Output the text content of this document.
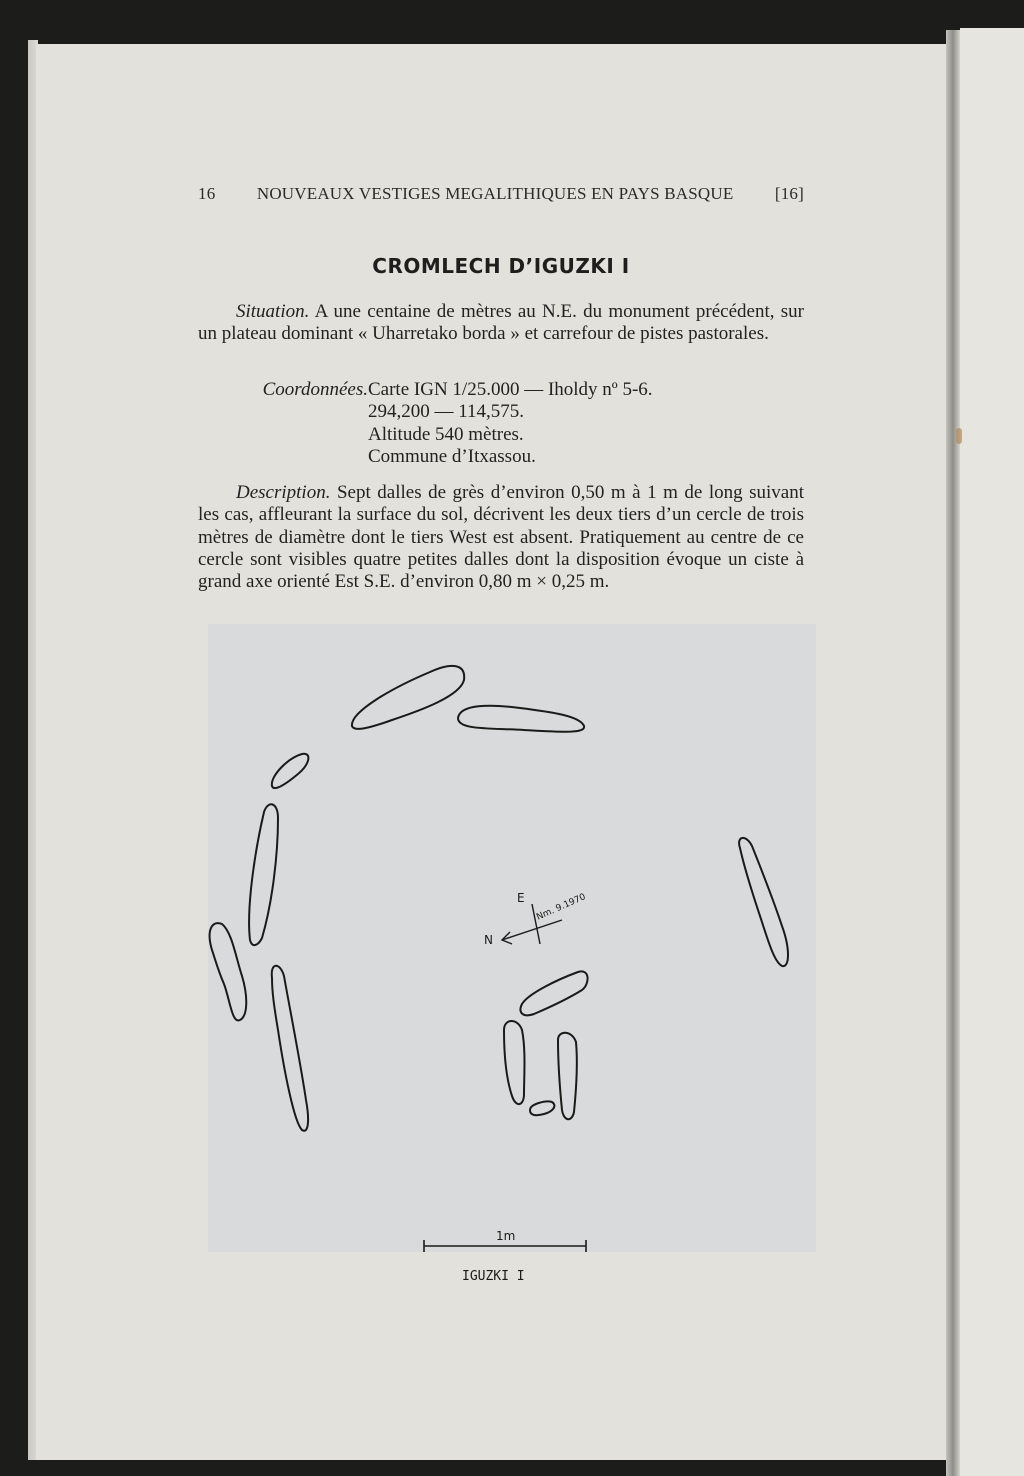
16 NOUVEAUX VESTIGES MEGALITHIQUES EN PAYS BASQUE [16]
CROMLECH D’IGUZKI I
Situation. A une centaine de mètres au N.E. du monument précédent, sur un plateau dominant « Uharretako borda » et carrefour de pistes pastorales.
Coordonnées. Carte IGN 1/25.000 — Iholdy nº 5-6.
294,200 — 114,575.
Altitude 540 mètres.
Commune d’Itxassou.
Description. Sept dalles de grès d’environ 0,50 m à 1 m de long suivant les cas, affleurant la surface du sol, décrivent les deux tiers d’un cercle de trois mètres de diamètre dont le tiers West est absent. Pratiquement au centre de ce cercle sont visibles quatre petites dalles dont la disposition évoque un ciste à grand axe orienté Est S.E. d’environ 0,80 m × 0,25 m.
E
N
Nm. 9.1970
1m
IGUZKI I
